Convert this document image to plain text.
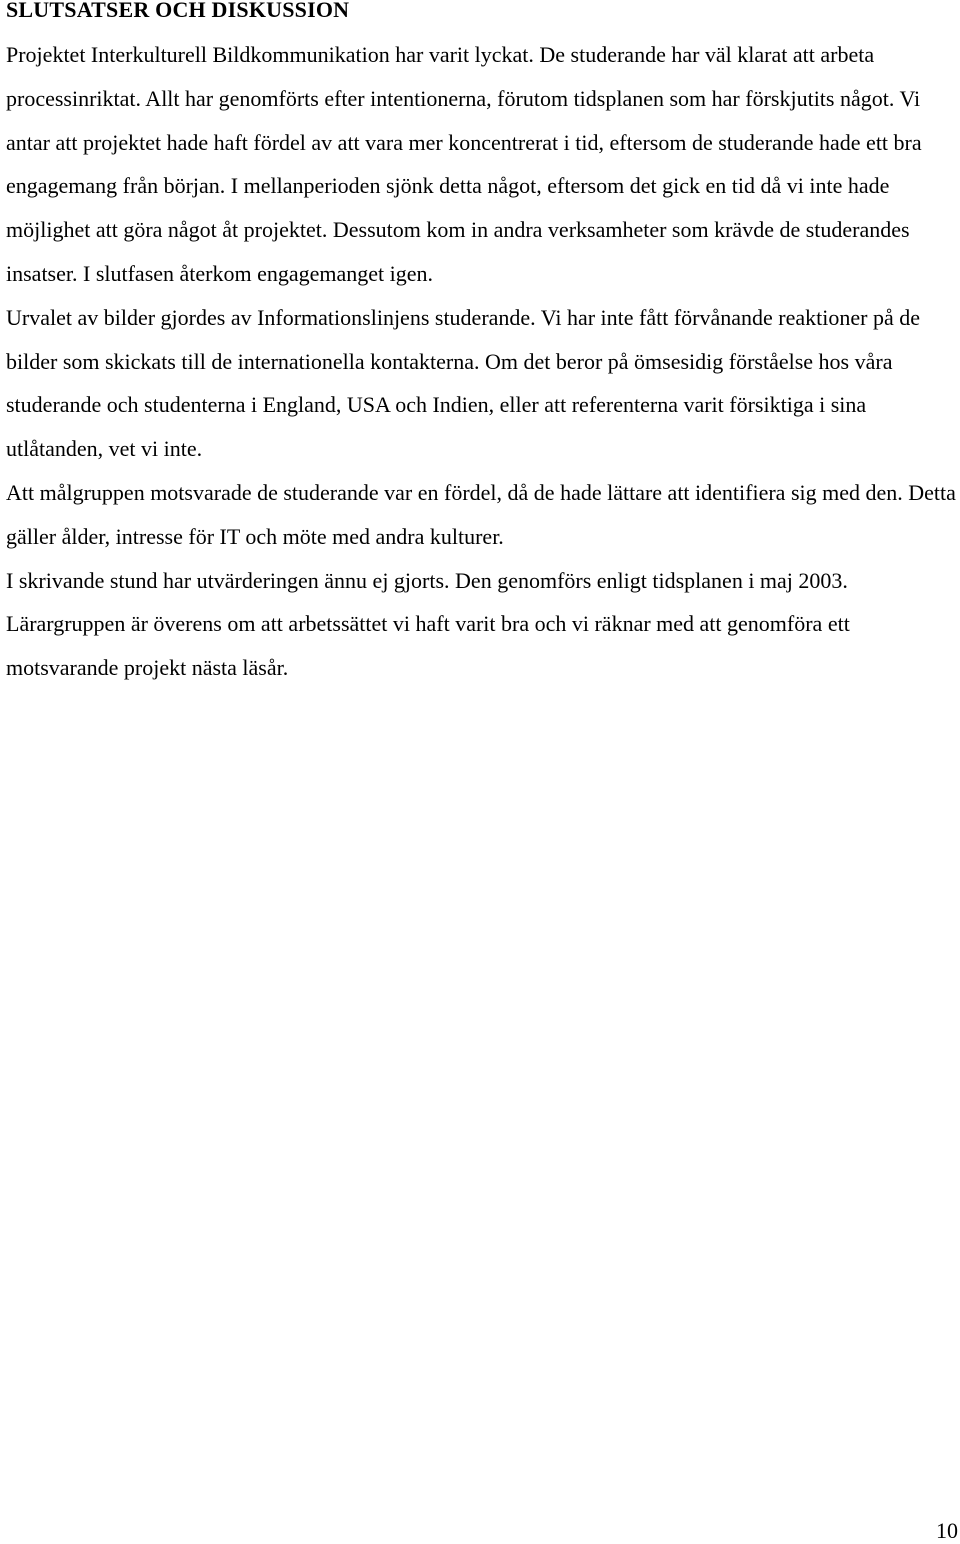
SLUTSATSER OCH DISKUSSION

Projektet Interkulturell Bildkommunikation har varit lyckat. De studerande har väl klarat att arbeta processinriktat. Allt har genomförts efter intentionerna, förutom tidsplanen som har förskjutits något. Vi antar att projektet hade haft fördel av att vara mer koncentrerat i tid, eftersom de studerande hade ett bra engagemang från början. I mellanperioden sjönk detta något, eftersom det gick en tid då vi inte hade möjlighet att göra något åt projektet. Dessutom kom in andra verksamheter som krävde de studerandes insatser. I slutfasen återkom engagemanget igen.

Urvalet av bilder gjordes av Informationslinjens studerande. Vi har inte fått förvånande reaktioner på de bilder som skickats till de internationella kontakterna. Om det beror på ömsesidig förståelse hos våra studerande och studenterna i England, USA och Indien, eller att referenterna varit försiktiga i sina utlåtanden, vet vi inte.

Att målgruppen motsvarade de studerande var en fördel, då de hade lättare att identifiera sig med den. Detta gäller ålder, intresse för IT och möte med andra kulturer.

I skrivande stund har utvärderingen ännu ej gjorts. Den genomförs enligt tidsplanen i maj 2003.

Lärargruppen är överens om att arbetssättet vi haft varit bra och vi räknar med att genomföra ett motsvarande projekt nästa läsår.

10
